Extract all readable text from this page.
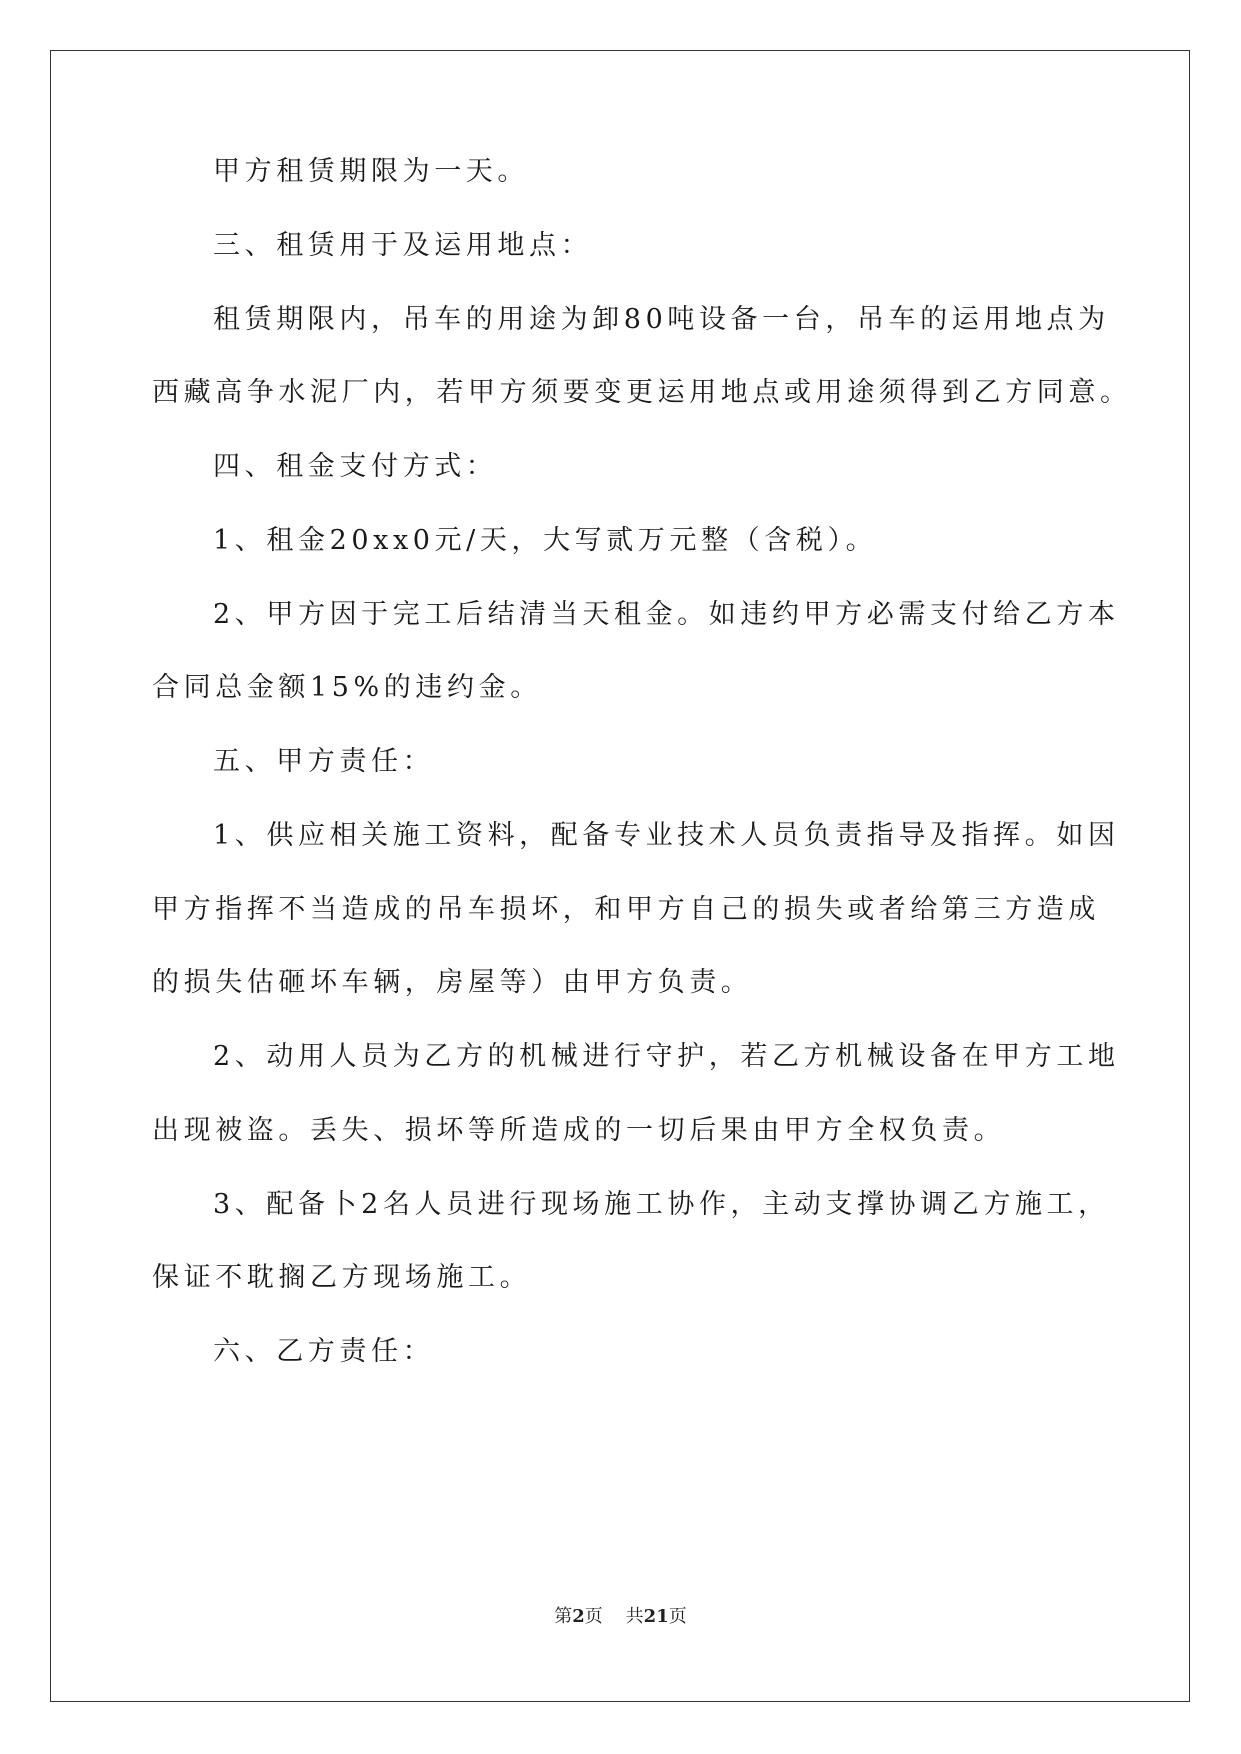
甲方租赁期限为一天。
三、租赁用于及运用地点：
租赁期限内，吊车的用途为卸80吨设备一台，吊车的运用地点为
西藏高争水泥厂内，若甲方须要变更运用地点或用途须得到乙方同意。
四、租金支付方式：
1、租金20xx0元/天，大写贰万元整（含税）。
2、甲方因于完工后结清当天租金。如违约甲方必需支付给乙方本
合同总金额15%的违约金。
五、甲方责任：
1、供应相关施工资料，配备专业技术人员负责指导及指挥。如因
甲方指挥不当造成的吊车损坏，和甲方自己的损失或者给第三方造成
的损失估砸坏车辆，房屋等）由甲方负责。
2、动用人员为乙方的机械进行守护，若乙方机械设备在甲方工地
出现被盗。丢失、损坏等所造成的一切后果由甲方全权负责。
3、配备卜2名人员进行现场施工协作，主动支撑协调乙方施工，
保证不耽搁乙方现场施工。
六、乙方责任：
第2页    共21页
